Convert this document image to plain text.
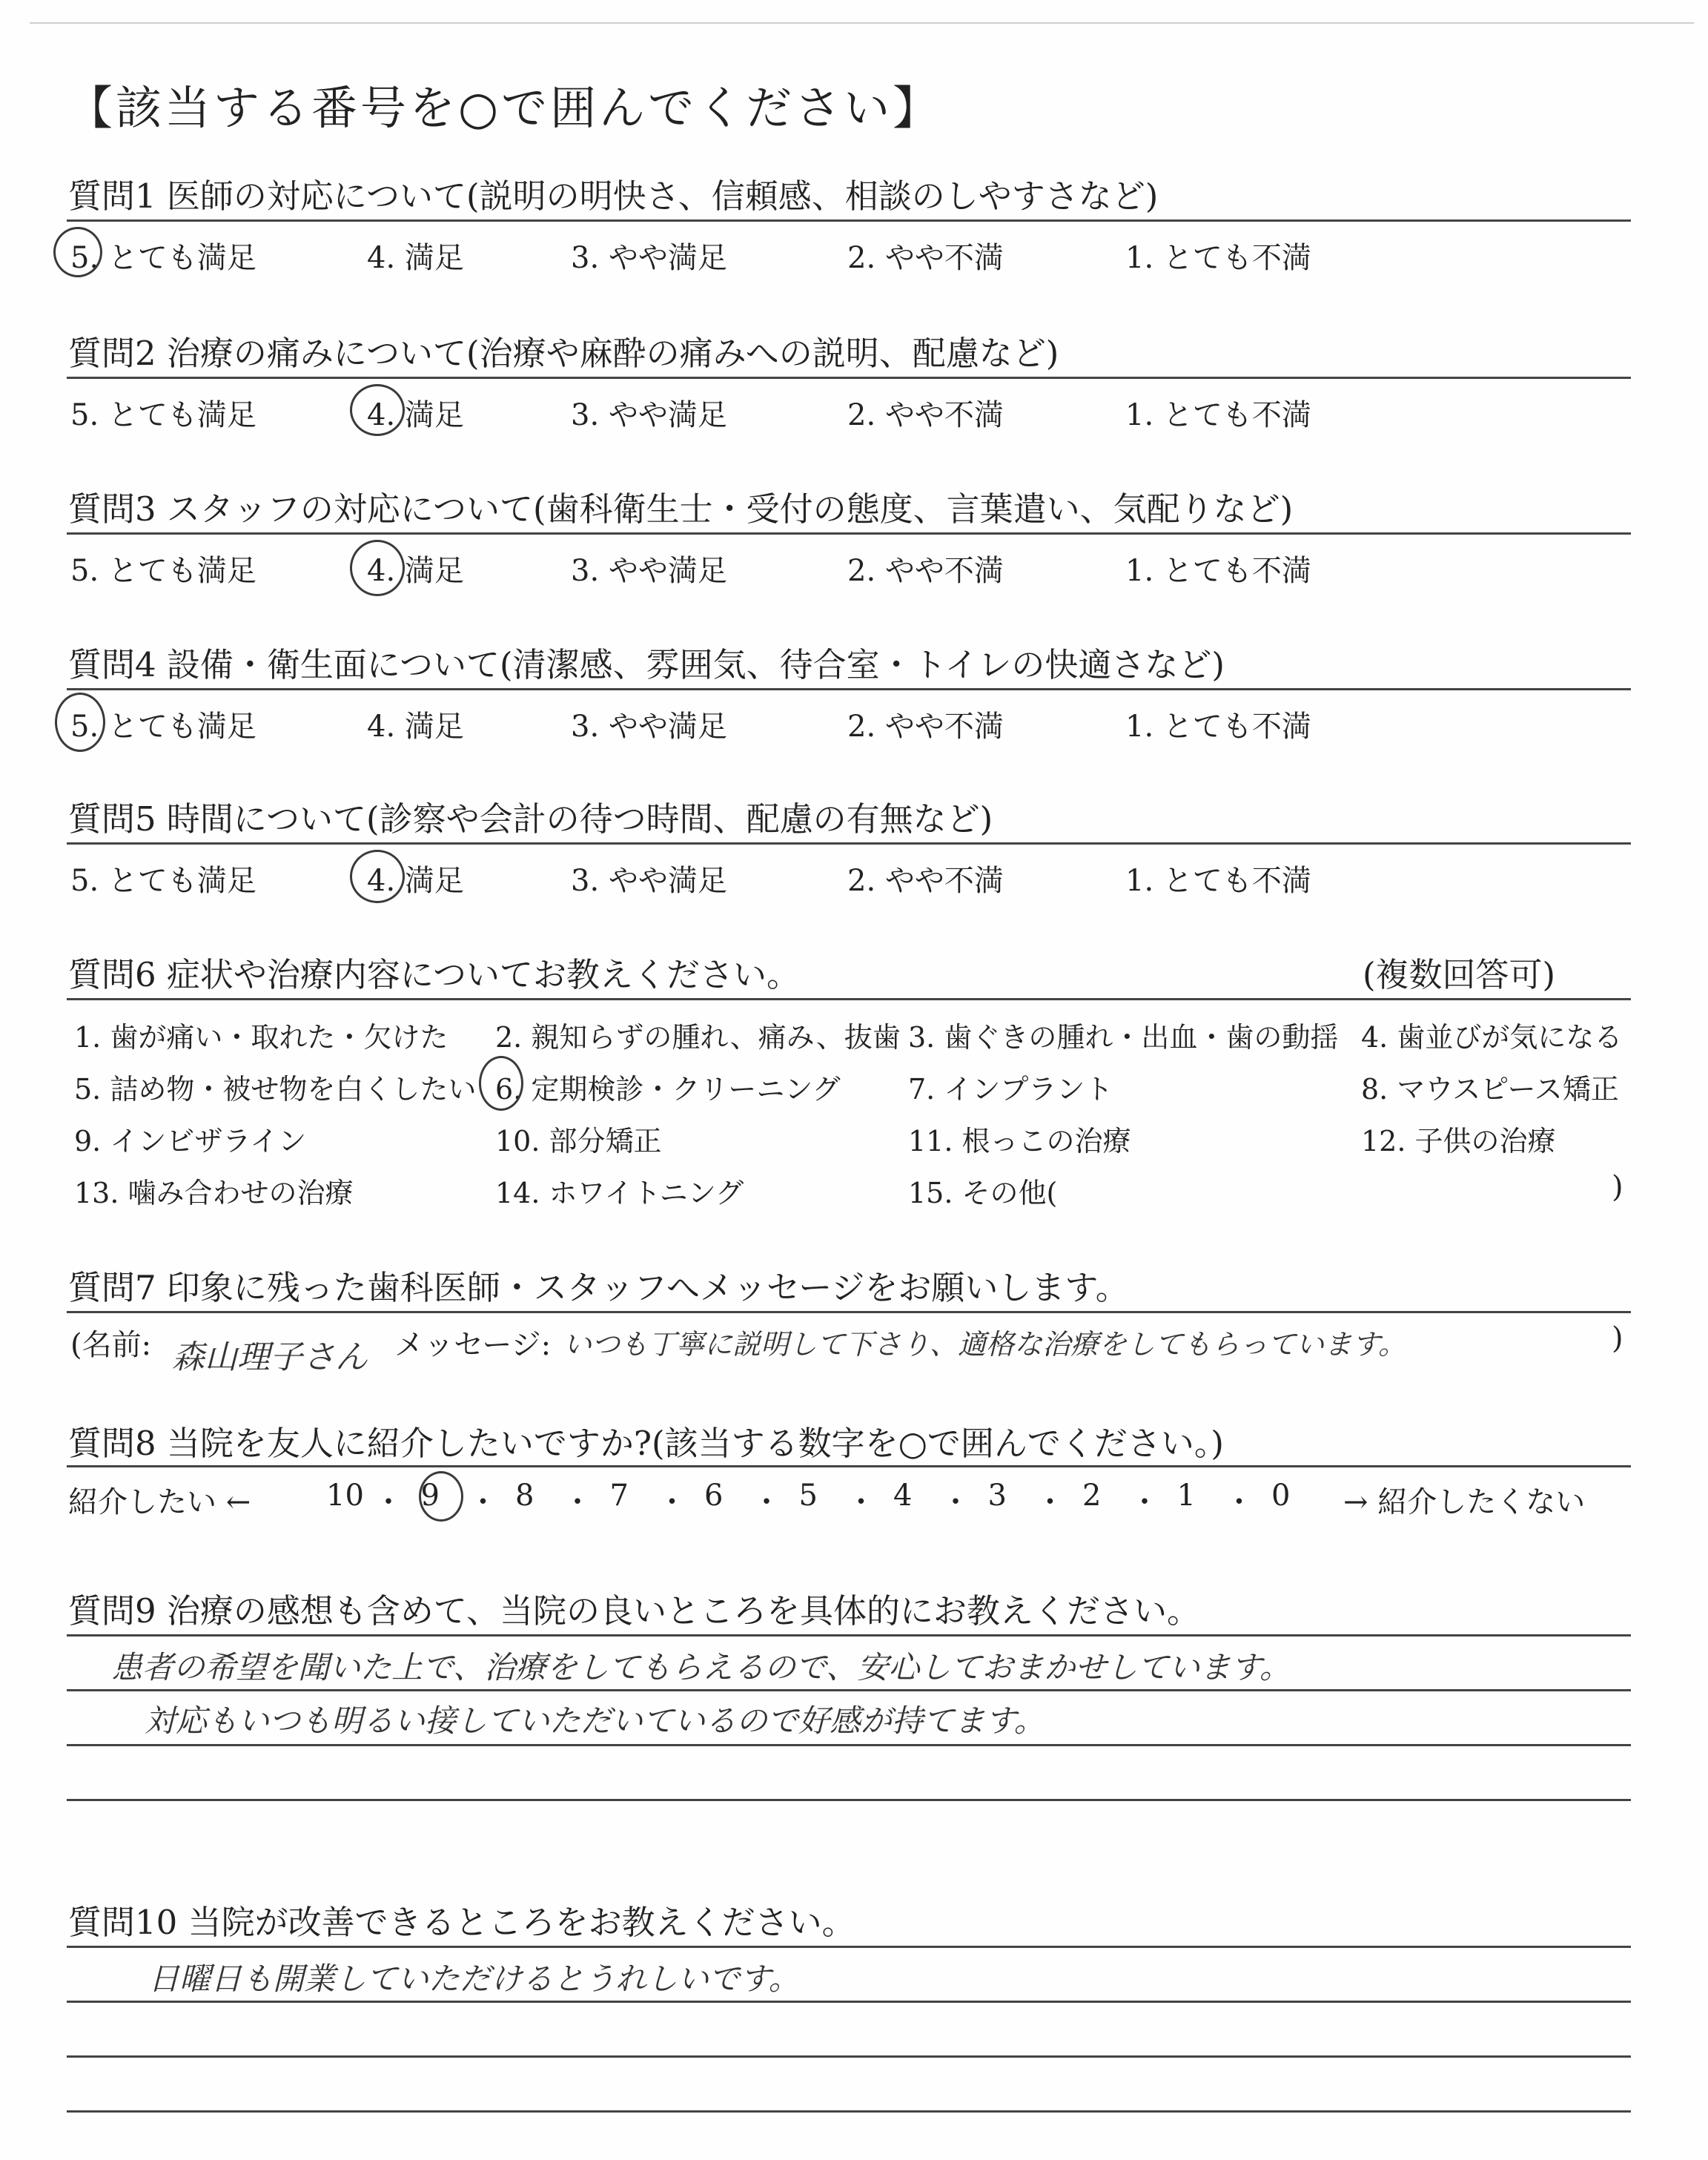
【該当する番号を○で囲んでください】
質問1 医師の対応について(説明の明快さ、信頼感、相談のしやすさなど)
5. とても満足	4. 満足	3. やや満足	2. やや不満	1. とても不満
質問2 治療の痛みについて(治療や麻酔の痛みへの説明、配慮など)
5. とても満足	4. 満足	3. やや満足	2. やや不満	1. とても不満
質問3 スタッフの対応について(歯科衛生士・受付の態度、言葉遣い、気配りなど)
5. とても満足	4. 満足	3. やや満足	2. やや不満	1. とても不満
質問4 設備・衛生面について(清潔感、雰囲気、待合室・トイレの快適さなど)
5. とても満足	4. 満足	3. やや満足	2. やや不満	1. とても不満
質問5 時間について(診察や会計の待つ時間、配慮の有無など)
5. とても満足	4. 満足	3. やや満足	2. やや不満	1. とても不満
質問6 症状や治療内容についてお教えください。	(複数回答可)
1. 歯が痛い・取れた・欠けた 2. 親知らずの腫れ、痛み、抜歯 3. 歯ぐきの腫れ・出血・歯の動揺 4. 歯並びが気になる
5. 詰め物・被せ物を白くしたい 6. 定期検診・クリーニング 7. インプラント	8. マウスピース矯正
9. インビザライン	10. 部分矯正	11. 根っこの治療	12. 子供の治療
13. 噛み合わせの治療	14. ホワイトニング	15. その他(	)
質問7 印象に残った歯科医師・スタッフへメッセージをお願いします。
(名前: 森山理子さん メッセージ: いつも丁寧に説明して下さり、適格な治療をしてもらっています。	)
質問8 当院を友人に紹介したいですか?(該当する数字を○で囲んでください。)
紹介したい ←	10 ・ 9 ・ 8 ・ 7 ・ 6 ・ 5 ・ 4 ・ 3 ・ 2 ・ 1 ・ 0 → 紹介したくない
質問9 治療の感想も含めて、当院の良いところを具体的にお教えください。
患者の希望を聞いた上で、治療をしてもらえるので、安心しておまかせしています。
対応もいつも明るい接していただいているので好感が持てます。
質問10 当院が改善できるところをお教えください。
日曜日も開業していただけるとうれしいです。
